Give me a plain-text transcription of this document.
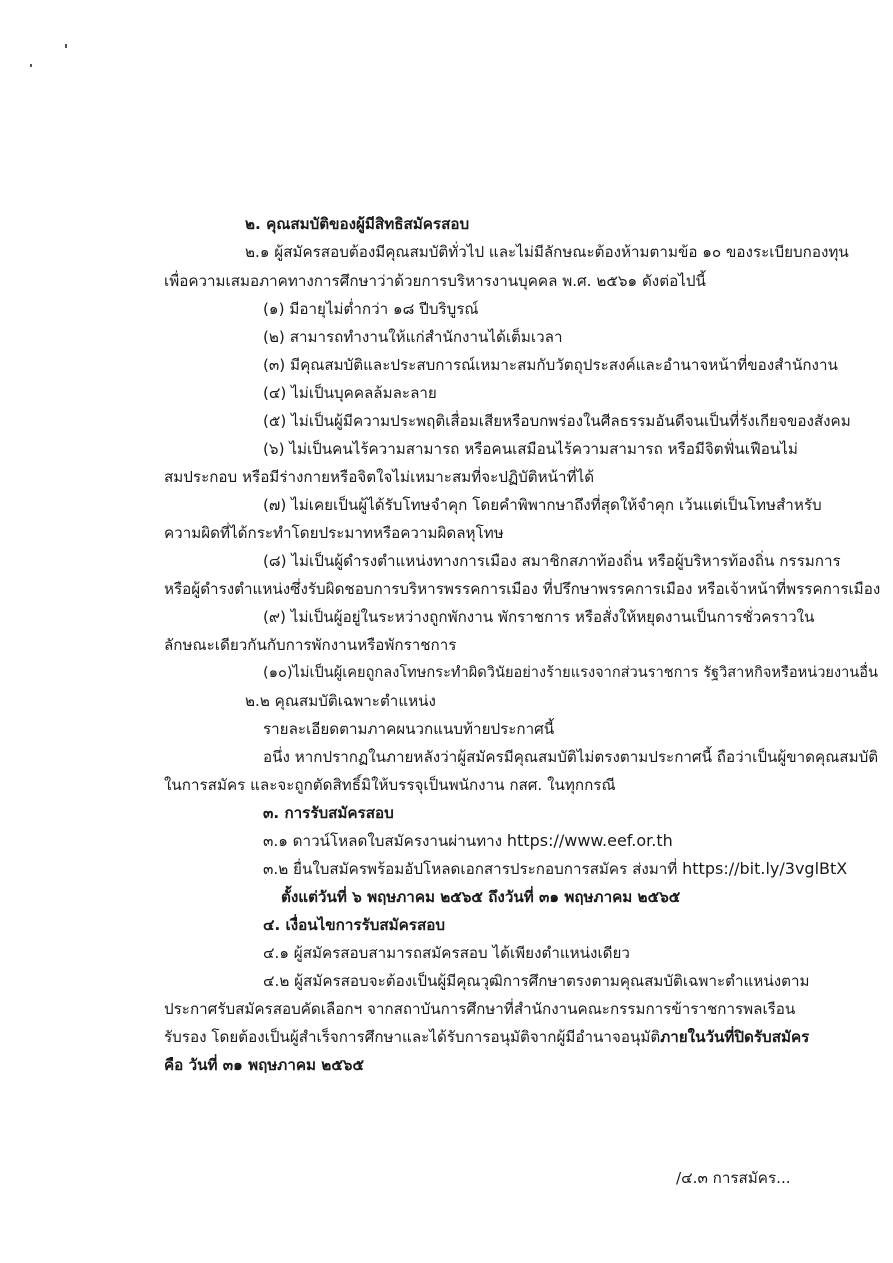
๒. คุณสมบัติของผู้มีสิทธิสมัครสอบ
๒.๑ ผู้สมัครสอบต้องมีคุณสมบัติทั่วไป และไม่มีลักษณะต้องห้ามตามข้อ ๑๐ ของระเบียบกองทุน
เพื่อความเสมอภาคทางการศึกษาว่าด้วยการบริหารงานบุคคล พ.ศ. ๒๕๖๑ ดังต่อไปนี้
(๑) มีอายุไม่ต่ำกว่า ๑๘ ปีบริบูรณ์
(๒) สามารถทำงานให้แก่สำนักงานได้เต็มเวลา
(๓) มีคุณสมบัติและประสบการณ์เหมาะสมกับวัตถุประสงค์และอำนาจหน้าที่ของสำนักงาน
(๔) ไม่เป็นบุคคลล้มละลาย
(๕) ไม่เป็นผู้มีความประพฤติเสื่อมเสียหรือบกพร่องในศีลธรรมอันดีจนเป็นที่รังเกียจของสังคม
(๖) ไม่เป็นคนไร้ความสามารถ หรือคนเสมือนไร้ความสามารถ หรือมีจิตฟั่นเฟือนไม่
สมประกอบ หรือมีร่างกายหรือจิตใจไม่เหมาะสมที่จะปฏิบัติหน้าที่ได้
(๗) ไม่เคยเป็นผู้ได้รับโทษจำคุก โดยคำพิพากษาถึงที่สุดให้จำคุก เว้นแต่เป็นโทษสำหรับ
ความผิดที่ได้กระทำโดยประมาทหรือความผิดลหุโทษ
(๘) ไม่เป็นผู้ดำรงตำแหน่งทางการเมือง สมาชิกสภาท้องถิ่น หรือผู้บริหารท้องถิ่น กรรมการ
หรือผู้ดำรงตำแหน่งซึ่งรับผิดชอบการบริหารพรรคการเมือง ที่ปรึกษาพรรคการเมือง หรือเจ้าหน้าที่พรรคการเมือง
(๙) ไม่เป็นผู้อยู่ในระหว่างถูกพักงาน พักราชการ หรือสั่งให้หยุดงานเป็นการชั่วคราวใน
ลักษณะเดียวกันกับการพักงานหรือพักราชการ
(๑๐)ไม่เป็นผู้เคยถูกลงโทษกระทำผิดวินัยอย่างร้ายแรงจากส่วนราชการ รัฐวิสาหกิจหรือหน่วยงานอื่น
๒.๒ คุณสมบัติเฉพาะตำแหน่ง
รายละเอียดตามภาคผนวกแนบท้ายประกาศนี้
อนึ่ง หากปรากฏในภายหลังว่าผู้สมัครมีคุณสมบัติไม่ตรงตามประกาศนี้ ถือว่าเป็นผู้ขาดคุณสมบัติ
ในการสมัคร และจะถูกตัดสิทธิ์มิให้บรรจุเป็นพนักงาน กสศ. ในทุกกรณี
๓. การรับสมัครสอบ
๓.๑ ดาวน์โหลดใบสมัครงานผ่านทาง https://www.eef.or.th
๓.๒ ยื่นใบสมัครพร้อมอัปโหลดเอกสารประกอบการสมัคร ส่งมาที่ https://bit.ly/3vglBtX
ตั้งแต่วันที่ ๖ พฤษภาคม ๒๕๖๕ ถึงวันที่ ๓๑ พฤษภาคม ๒๕๖๕
๔. เงื่อนไขการรับสมัครสอบ
๔.๑ ผู้สมัครสอบสามารถสมัครสอบ ได้เพียงตำแหน่งเดียว
๔.๒ ผู้สมัครสอบจะต้องเป็นผู้มีคุณวุฒิการศึกษาตรงตามคุณสมบัติเฉพาะตำแหน่งตาม
ประกาศรับสมัครสอบคัดเลือกฯ จากสถาบันการศึกษาที่สำนักงานคณะกรรมการข้าราชการพลเรือน
รับรอง โดยต้องเป็นผู้สำเร็จการศึกษาและได้รับการอนุมัติจากผู้มีอำนาจอนุมัติภายในวันที่ปิดรับสมัคร
คือ วันที่ ๓๑ พฤษภาคม ๒๕๖๕
/๔.๓ การสมัคร...
